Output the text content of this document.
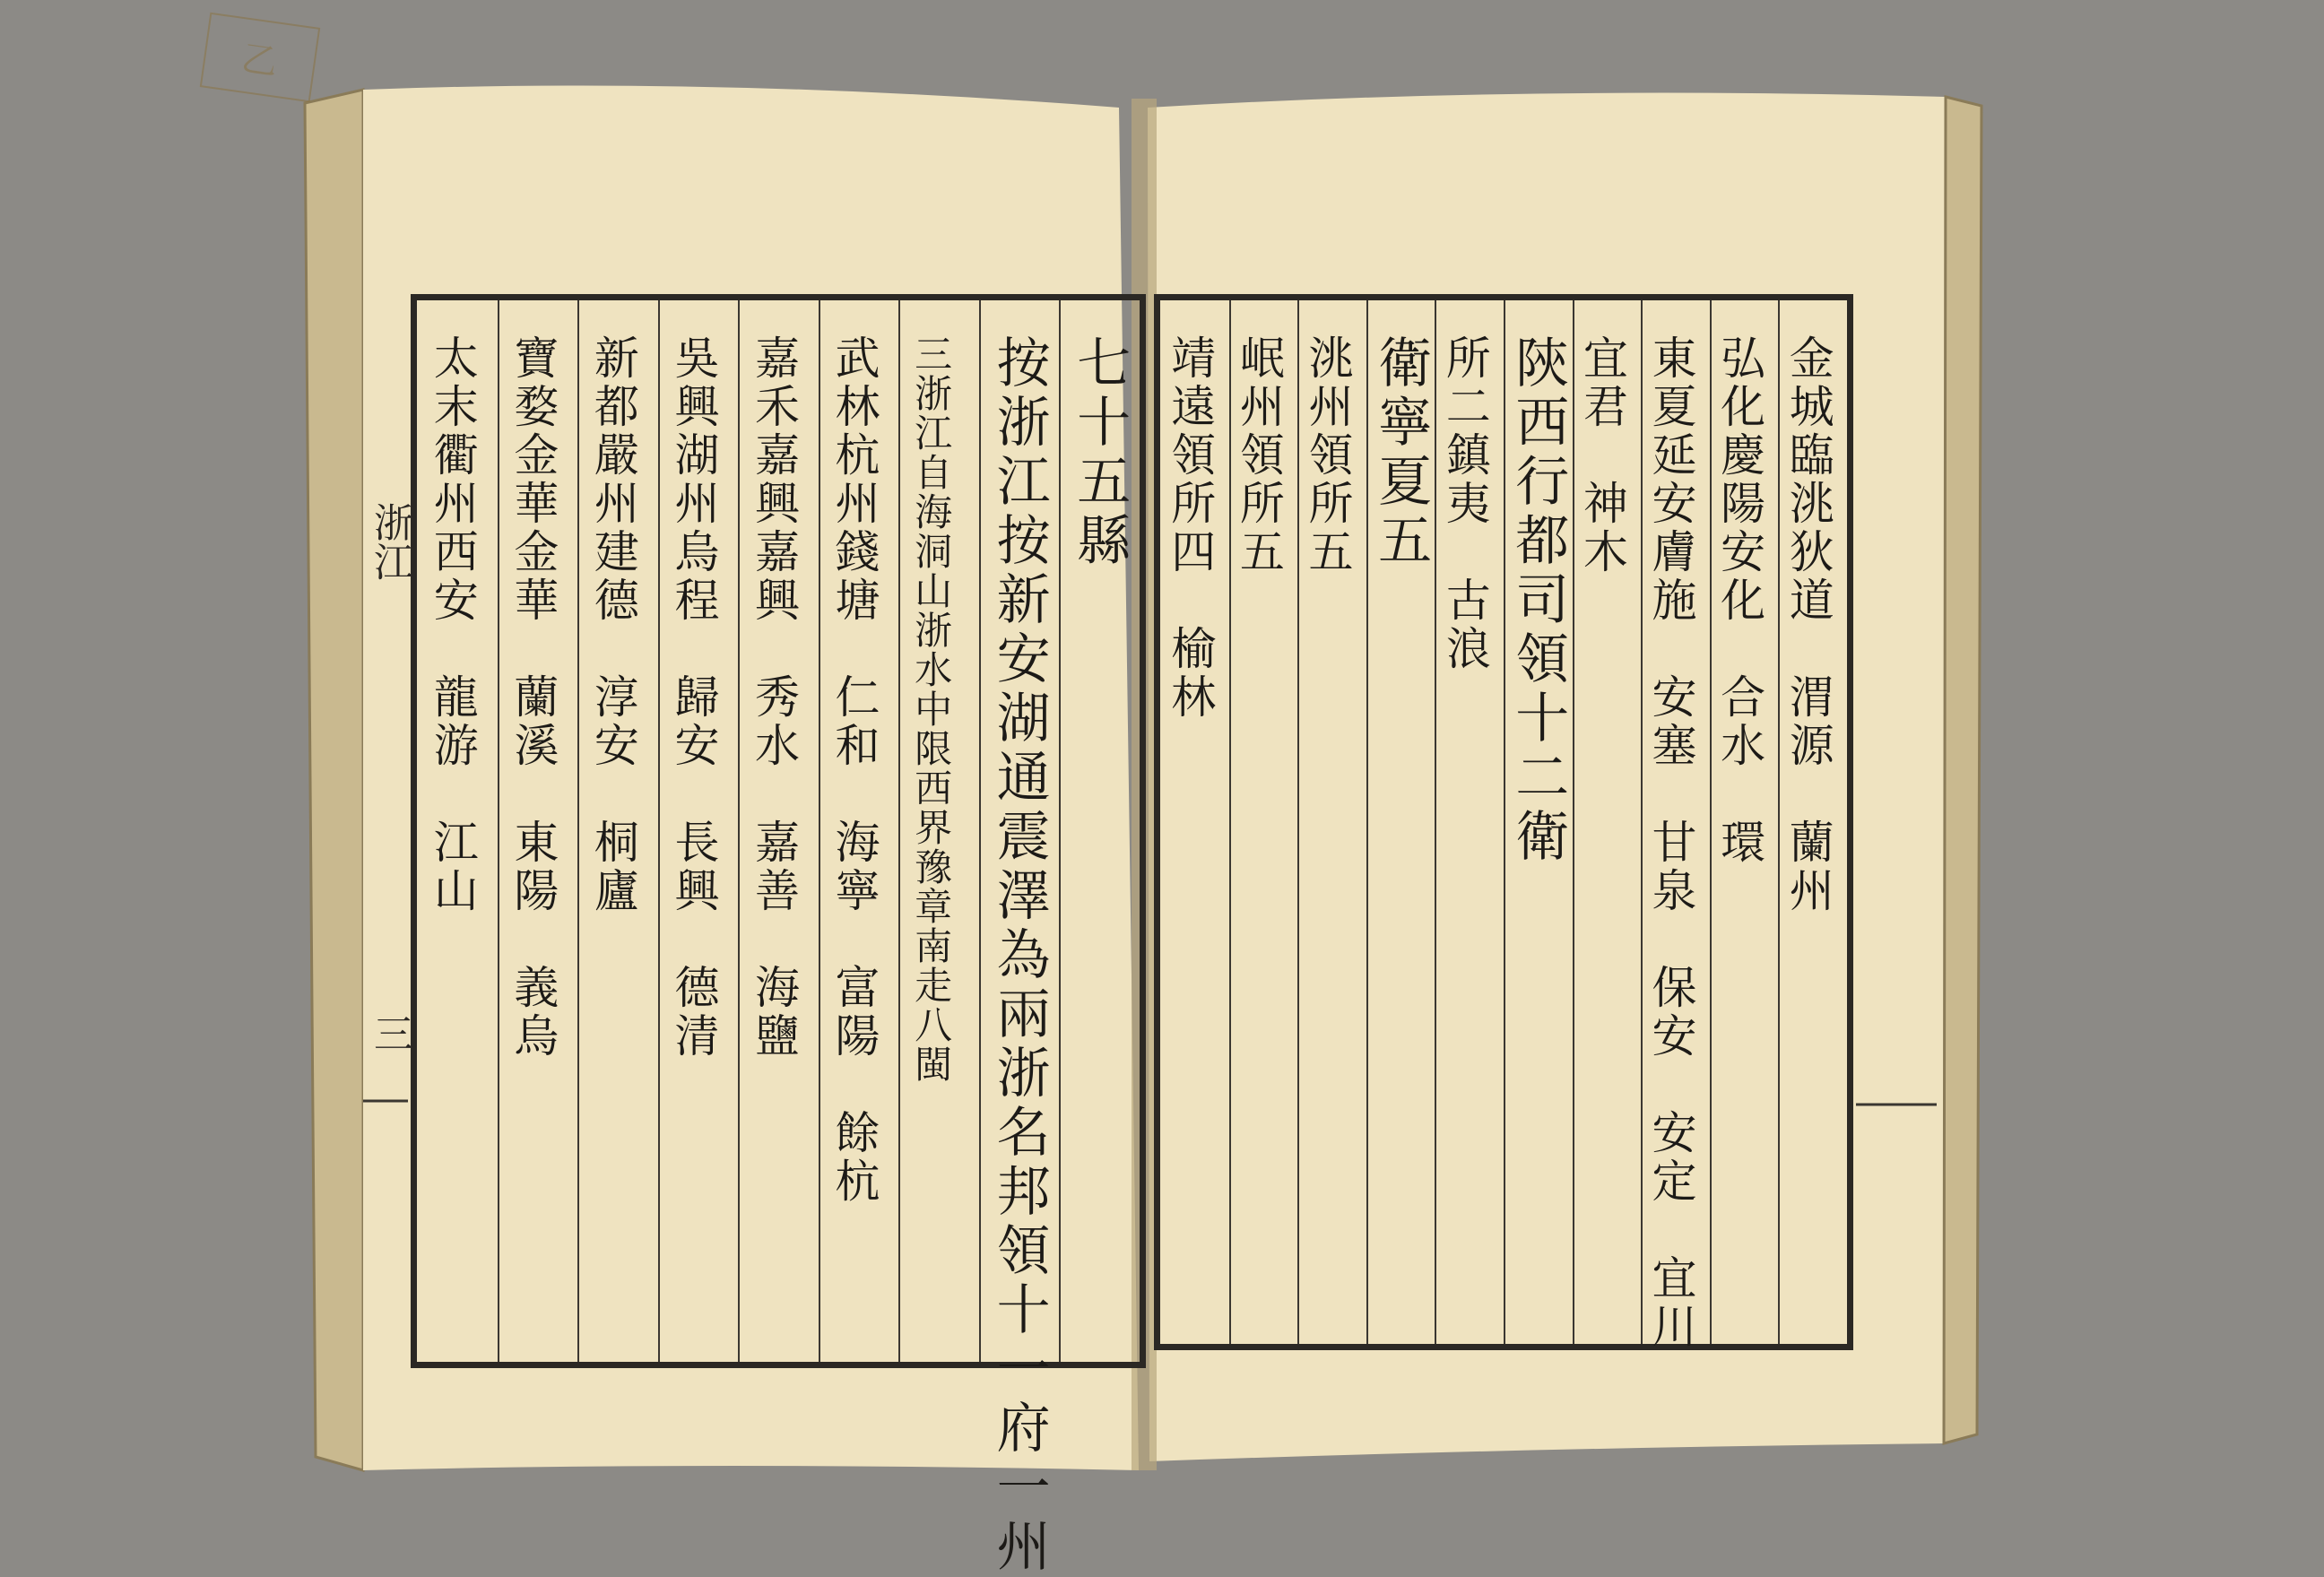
乙
浙江
三
七十五縣
按浙江按新安湖通震澤為兩浙名邦領十一府一州
三浙江自海洞山浙水中限西界豫章南走八閩
武林杭州錢塘　仁和　海寧　富陽　餘杭
嘉禾嘉興嘉興　秀水　嘉善　海鹽
吳興湖州烏程　歸安　長興　德清
新都嚴州建德　淳安　桐廬
寶婺金華金華　蘭溪　東陽　義烏
太末衢州西安　龍游　江山	金城臨洮狄道　渭源　蘭州
弘化慶陽安化　合水　環
東夏延安膚施　安塞　甘泉　保安　安定　宜川
宜君　神木
陝西行都司領十二衛
所二鎮夷　古浪
衛寧夏五
洮州領所五
岷州領所五
靖遠領所四　榆林
